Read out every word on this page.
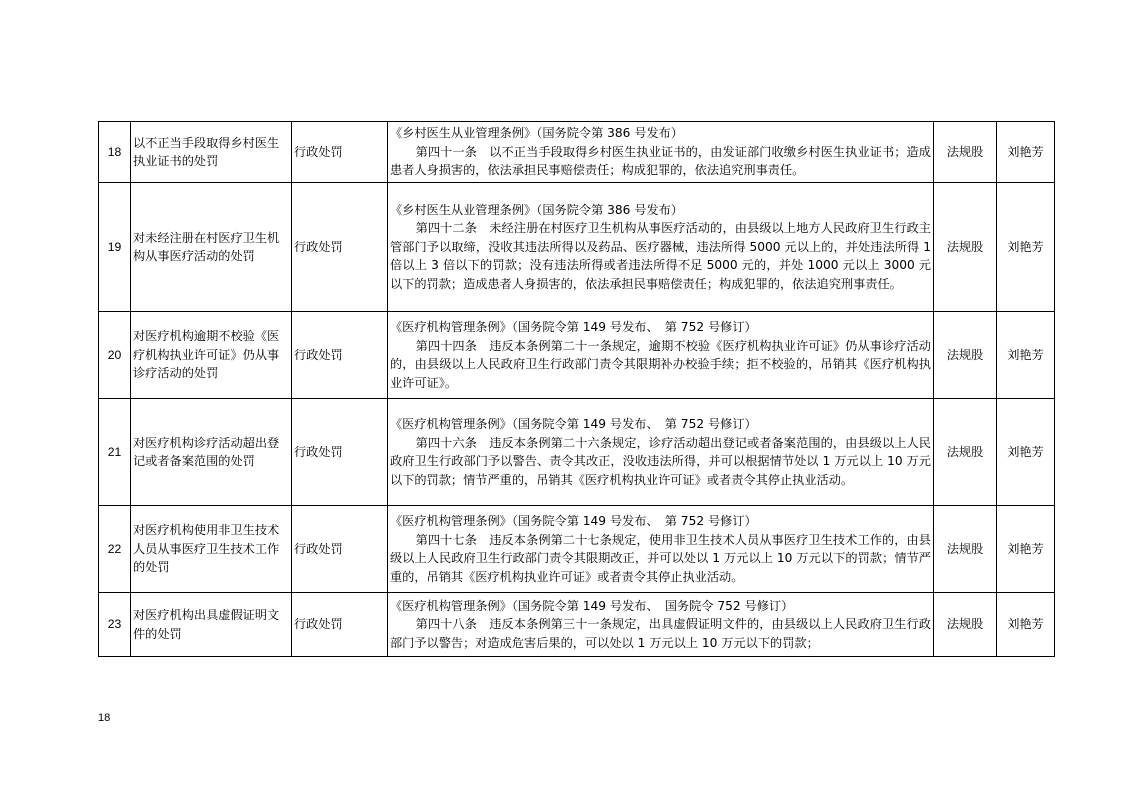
18	以不正当手段取得乡村医生执业证书的处罚	行政处罚	《乡村医生从业管理条例》（国务院令第 386 号发布）
第四十一条　以不正当手段取得乡村医生执业证书的，由发证部门收缴乡村医生执业证书；造成患者人身损害的，依法承担民事赔偿责任；构成犯罪的，依法追究刑事责任。	法规股	刘艳芳
19	对未经注册在村医疗卫生机构从事医疗活动的处罚	行政处罚	《乡村医生从业管理条例》（国务院令第 386 号发布）
第四十二条　未经注册在村医疗卫生机构从事医疗活动的，由县级以上地方人民政府卫生行政主管部门予以取缔，没收其违法所得以及药品、医疗器械，违法所得 5000 元以上的，并处违法所得 1 倍以上 3 倍以下的罚款；没有违法所得或者违法所得不足 5000 元的，并处 1000 元以上 3000 元以下的罚款；造成患者人身损害的，依法承担民事赔偿责任；构成犯罪的，依法追究刑事责任。	法规股	刘艳芳
20	对医疗机构逾期不校验《医疗机构执业许可证》仍从事诊疗活动的处罚	行政处罚	《医疗机构管理条例》（国务院令第 149 号发布、　第 752 号修订）
第四十四条　违反本条例第二十一条规定，逾期不校验《医疗机构执业许可证》仍从事诊疗活动的，由县级以上人民政府卫生行政部门责令其限期补办校验手续；拒不校验的，吊销其《医疗机构执业许可证》。	法规股	刘艳芳
21	对医疗机构诊疗活动超出登记或者备案范围的处罚	行政处罚	《医疗机构管理条例》（国务院令第 149 号发布、　第 752 号修订）
第四十六条　违反本条例第二十六条规定，诊疗活动超出登记或者备案范围的，由县级以上人民政府卫生行政部门予以警告、责令其改正，没收违法所得，并可以根据情节处以 1 万元以上 10 万元以下的罚款；情节严重的，吊销其《医疗机构执业许可证》或者责令其停止执业活动。	法规股	刘艳芳
22	对医疗机构使用非卫生技术人员从事医疗卫生技术工作的处罚	行政处罚	《医疗机构管理条例》（国务院令第 149 号发布、　第 752 号修订）
第四十七条　违反本条例第二十七条规定，使用非卫生技术人员从事医疗卫生技术工作的，由县级以上人民政府卫生行政部门责令其限期改正，并可以处以 1 万元以上 10 万元以下的罚款；情节严重的，吊销其《医疗机构执业许可证》或者责令其停止执业活动。	法规股	刘艳芳
23	对医疗机构出具虚假证明文件的处罚	行政处罚	《医疗机构管理条例》（国务院令第 149 号发布、　国务院令 752 号修订）
第四十八条　违反本条例第三十一条规定，出具虚假证明文件的，由县级以上人民政府卫生行政部门予以警告；对造成危害后果的，可以处以 1 万元以上 10 万元以下的罚款；	法规股	刘艳芳
18
